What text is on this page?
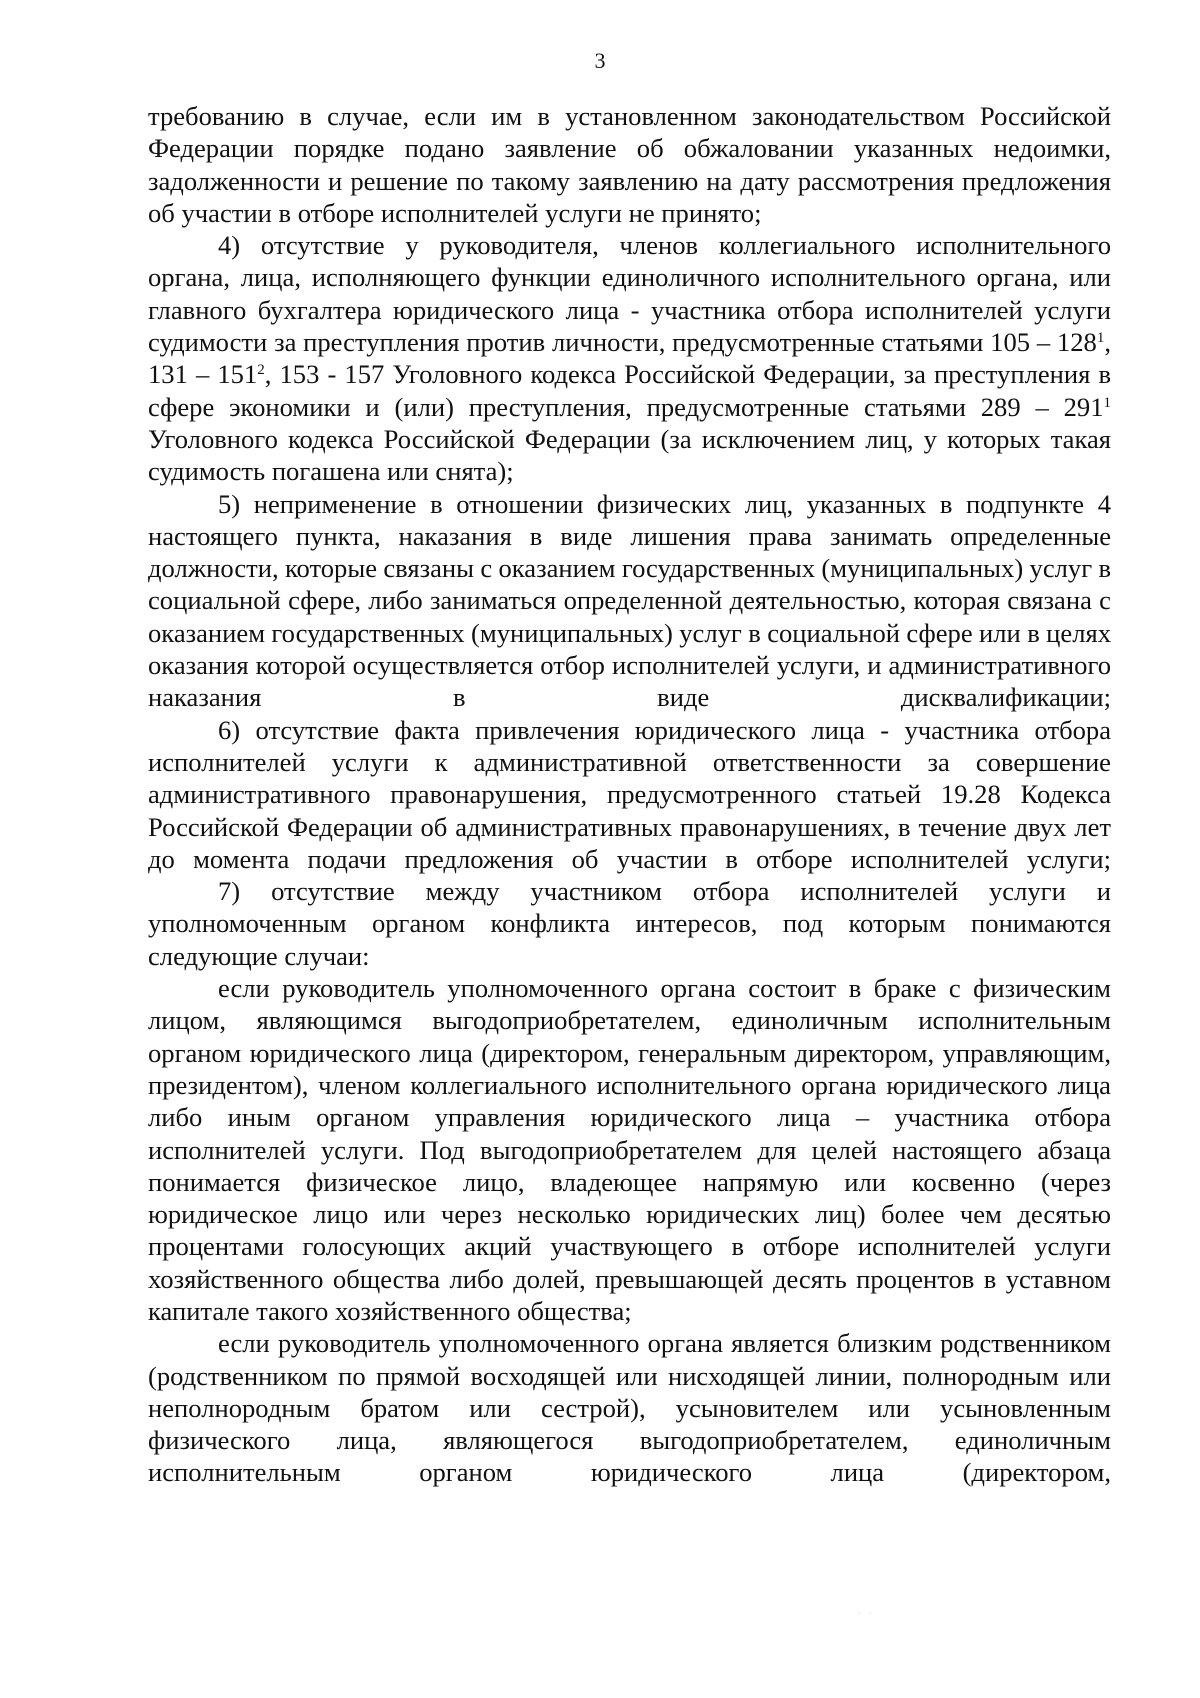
3

требованию в случае, если им в установленном законодательством Российской Федерации порядке подано заявление об обжаловании указанных недоимки, задолженности и решение по такому заявлению на дату рассмотрения предложения об участии в отборе исполнителей услуги не принято;

4) отсутствие у руководителя, членов коллегиального исполнительного органа, лица, исполняющего функции единоличного исполнительного органа, или главного бухгалтера юридического лица - участника отбора исполнителей услуги судимости за преступления против личности, предусмотренные статьями $105 - 128^1$, $131 - 151^2$, 153 - 157 Уголовного кодекса Российской Федерации, за преступления в сфере экономики и (или) преступления, предусмотренные статьями $289 - 291^1$ Уголовного кодекса Российской Федерации (за исключением лиц, у которых такая судимость погашена или снята);

5) неприменение в отношении физических лиц, указанных в подпункте 4 настоящего пункта, наказания в виде лишения права занимать определенные должности, которые связаны с оказанием государственных (муниципальных) услуг в социальной сфере, либо заниматься определенной деятельностью, которая связана с оказанием государственных (муниципальных) услуг в социальной сфере или в целях оказания которой осуществляется отбор исполнителей услуги, и административного наказания в виде дисквалификации;

6) отсутствие факта привлечения юридического лица - участника отбора исполнителей услуги к административной ответственности за совершение административного правонарушения, предусмотренного статьей 19.28 Кодекса Российской Федерации об административных правонарушениях, в течение двух лет до момента подачи предложения об участии в отборе исполнителей услуги;

7) отсутствие между участником отбора исполнителей услуги и уполномоченным органом конфликта интересов, под которым понимаются следующие случаи:

если руководитель уполномоченного органа состоит в браке с физическим лицом, являющимся выгодоприобретателем, единоличным исполнительным органом юридического лица (директором, генеральным директором, управляющим, президентом), членом коллегиального исполнительного органа юридического лица либо иным органом управления юридического лица – участника отбора исполнителей услуги. Под выгодоприобретателем для целей настоящего абзаца понимается физическое лицо, владеющее напрямую или косвенно (через юридическое лицо или через несколько юридических лиц) более чем десятью процентами голосующих акций участвующего в отборе исполнителей услуги хозяйственного общества либо долей, превышающей десять процентов в уставном капитале такого хозяйственного общества;

если руководитель уполномоченного органа является близким родственником (родственником по прямой восходящей или нисходящей линии, полнородным или неполнородным братом или сестрой), усыновителем или усыновленным физического лица, являющегося выгодоприобретателем, единоличным исполнительным органом юридического лица (директором,

· ·
